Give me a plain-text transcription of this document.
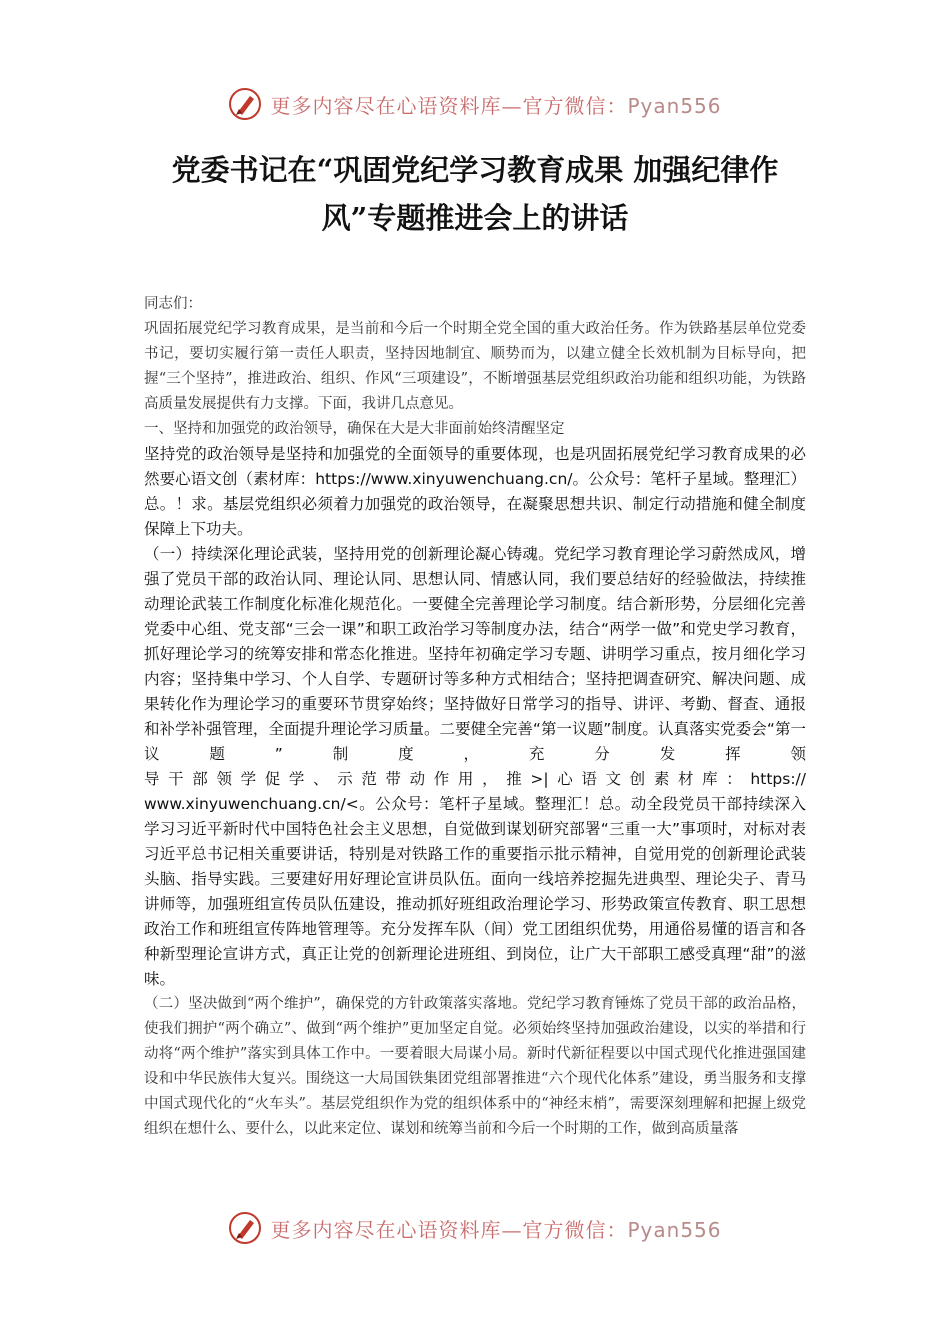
更多内容尽在心语资料库—官方微信：Pyan556
党委书记在“巩固党纪学习教育成果 加强纪律作
风”专题推进会上的讲话

同志们：

巩固拓展党纪学习教育成果，是当前和今后一个时期全党全国的重大政治任务。作为铁路基层单位党委书记，要切实履行第一责任人职责，坚持因地制宜、顺势而为，以建立健全长效机制为目标导向，把握“三个坚持”，推进政治、组织、作风“三项建设”，不断增强基层党组织政治功能和组织功能，为铁路高质量发展提供有力支撑。下面，我讲几点意见。

一、坚持和加强党的政治领导，确保在大是大非面前始终清醒坚定

坚持党的政治领导是坚持和加强党的全面领导的重要体现，也是巩固拓展党纪学习教育成果的必然要心语文创（素材库：https://www.xinyuwenchuang.cn/。公众号：笔杆子星域。整理汇）总。！求。基层党组织必须着力加强党的政治领导，在凝聚思想共识、制定行动措施和健全制度保障上下功夫。

（一）持续深化理论武装，坚持用党的创新理论凝心铸魂。党纪学习教育理论学习蔚然成风，增强了党员干部的政治认同、理论认同、思想认同、情感认同，我们要总结好的经验做法，持续推动理论武装工作制度化标准化规范化。一要健全完善理论学习制度。结合新形势，分层细化完善党委中心组、党支部“三会一课”和职工政治学习等制度办法，结合“两学一做”和党史学习教育，抓好理论学习的统筹安排和常态化推进。坚持年初确定学习专题、讲明学习重点，按月细化学习内容；坚持集中学习、个人自学、专题研讨等多种方式相结合；坚持把调查研究、解决问题、成果转化作为理论学习的重要环节贯穿始终；坚持做好日常学习的指导、讲评、考勤、督查、通报和补学补强管理，全面提升理论学习质量。二要健全完善“第一议题”制度。认真落实党委会“第一议题”制度，充分发挥领

导干部领学促学、示范带动作用，推>|心语文创素材库：https://

www.xinyuwenchuang.cn/<。公众号：笔杆子星域。整理汇！总。动全段党员干部持续深入学习习近平新时代中国特色社会主义思想，自觉做到谋划研究部署“三重一大”事项时，对标对表习近平总书记相关重要讲话，特别是对铁路工作的重要指示批示精神，自觉用党的创新理论武装头脑、指导实践。三要建好用好理论宣讲员队伍。面向一线培养挖掘先进典型、理论尖子、青马讲师等，加强班组宣传员队伍建设，推动抓好班组政治理论学习、形势政策宣传教育、职工思想政治工作和班组宣传阵地管理等。充分发挥车队（间）党工团组织优势，用通俗易懂的语言和各种新型理论宣讲方式，真正让党的创新理论进班组、到岗位，让广大干部职工感受真理“甜”的滋味。

（二）坚决做到“两个维护”，确保党的方针政策落实落地。党纪学习教育锤炼了党员干部的政治品格，使我们拥护“两个确立”、做到“两个维护”更加坚定自觉。必须始终坚持加强政治建设，以实的举措和行动将“两个维护”落实到具体工作中。一要着眼大局谋小局。新时代新征程要以中国式现代化推进强国建设和中华民族伟大复兴。围绕这一大局国铁集团党组部署推进“六个现代化体系”建设，勇当服务和支撑中国式现代化的“火车头”。基层党组织作为党的组织体系中的“神经末梢”，需要深刻理解和把握上级党组织在想什么、要什么，以此来定位、谋划和统筹当前和今后一个时期的工作，做到高质量落

更多内容尽在心语资料库—官方微信：Pyan556
